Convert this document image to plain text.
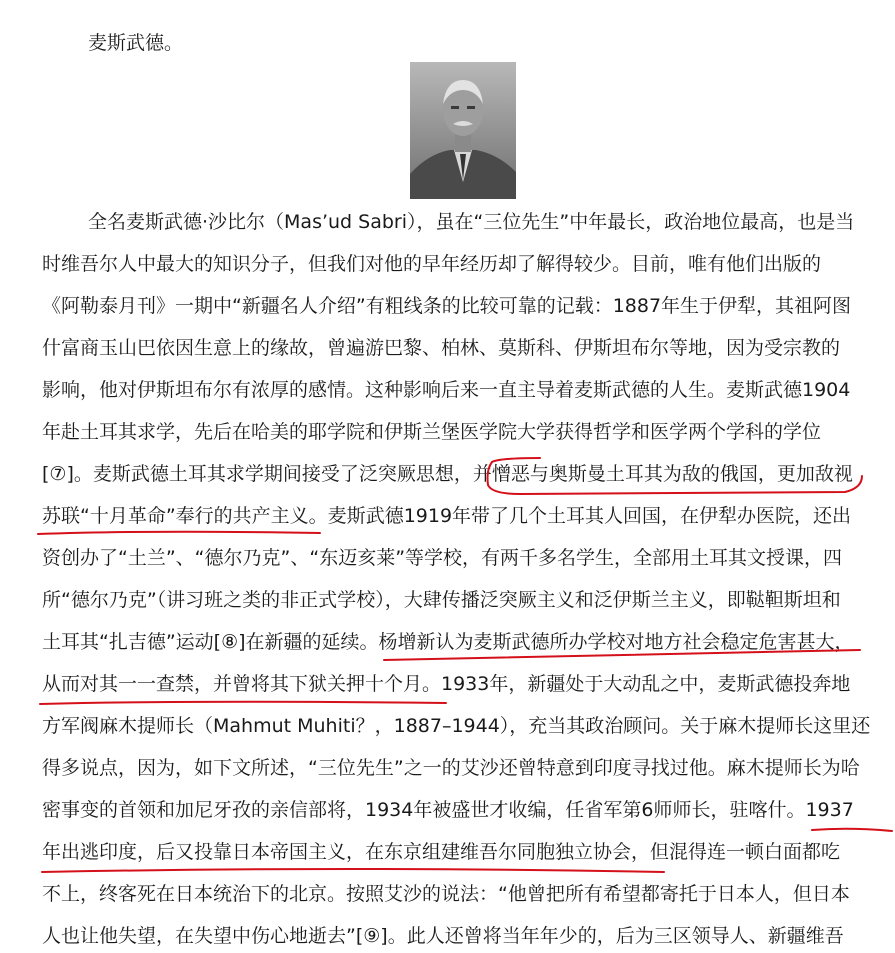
麦斯武德。
全名麦斯武德·沙比尔（Mas’ud Sabri），虽在“三位先生”中年最长，政治地位最高，也是当
时维吾尔人中最大的知识分子，但我们对他的早年经历却了解得较少。目前，唯有他们出版的
《阿勒泰月刊》一期中“新疆名人介绍”有粗线条的比较可靠的记载：1887年生于伊犁，其祖阿图
什富商玉山巴依因生意上的缘故，曾遍游巴黎、柏林、莫斯科、伊斯坦布尔等地，因为受宗教的
影响，他对伊斯坦布尔有浓厚的感情。这种影响后来一直主导着麦斯武德的人生。麦斯武德1904
年赴土耳其求学，先后在哈美的耶学院和伊斯兰堡医学院大学获得哲学和医学两个学科的学位
[⑦]。麦斯武德土耳其求学期间接受了泛突厥思想，并憎恶与奥斯曼土耳其为敌的俄国，更加敌视
苏联“十月革命”奉行的共产主义。麦斯武德1919年带了几个土耳其人回国，在伊犁办医院，还出
资创办了“土兰”、“德尔乃克”、“东迈亥莱”等学校，有两千多名学生，全部用土耳其文授课，四
所“德尔乃克”（讲习班之类的非正式学校），大肆传播泛突厥主义和泛伊斯兰主义，即鞑靼斯坦和
土耳其“扎吉德”运动[⑧]在新疆的延续。杨增新认为麦斯武德所办学校对地方社会稳定危害甚大，
从而对其一一查禁，并曾将其下狱关押十个月。1933年，新疆处于大动乱之中，麦斯武德投奔地
方军阀麻木提师长（Mahmut Muhiti？，1887–1944），充当其政治顾问。关于麻木提师长这里还
得多说点，因为，如下文所述，“三位先生”之一的艾沙还曾特意到印度寻找过他。麻木提师长为哈
密事变的首领和加尼牙孜的亲信部将，1934年被盛世才收编，任省军第6师师长，驻喀什。1937
年出逃印度，后又投靠日本帝国主义，在东京组建维吾尔同胞独立协会，但混得连一顿白面都吃
不上，终客死在日本统治下的北京。按照艾沙的说法：“他曾把所有希望都寄托于日本人，但日本
人也让他失望，在失望中伤心地逝去”[⑨]。此人还曾将当年年少的，后为三区领导人、新疆维吾
